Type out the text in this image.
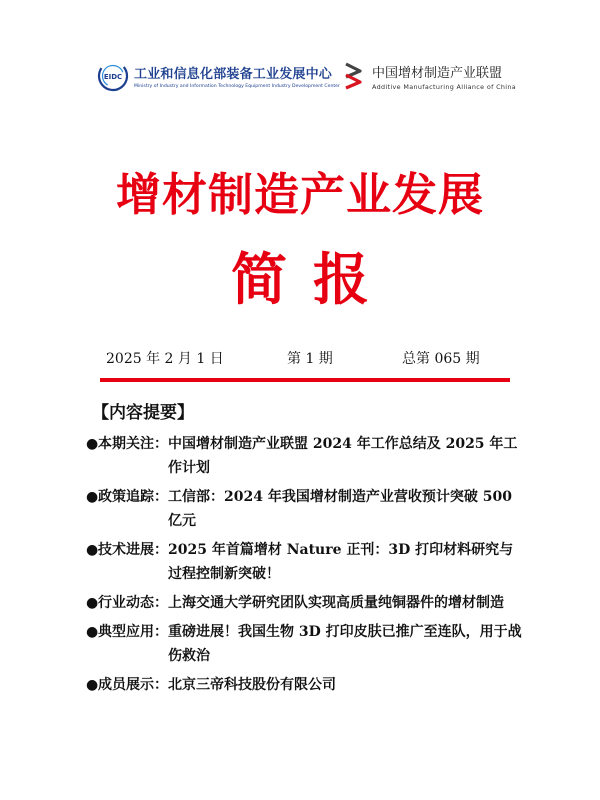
EIDC 工业和信息化部装备工业发展中心
Ministry of Industry and Information Technology Equipment Industry Development Center
中国增材制造产业联盟
Additive Manufacturing Alliance of China
增材制造产业发展
简报
2025 年 2 月 1 日	第 1 期	总第 065 期
【内容提要】
● 本期关注： 中国增材制造产业联盟 2024 年工作总结及 2025 年工作计划
● 政策追踪： 工信部：2024 年我国增材制造产业营收预计突破 500 亿元
● 技术进展： 2025 年首篇增材 Nature 正刊：3D 打印材料研究与过程控制新突破！
● 行业动态： 上海交通大学研究团队实现高质量纯铜器件的增材制造
● 典型应用： 重磅进展！我国生物 3D 打印皮肤已推广至连队，用于战伤救治
● 成员展示： 北京三帝科技股份有限公司
